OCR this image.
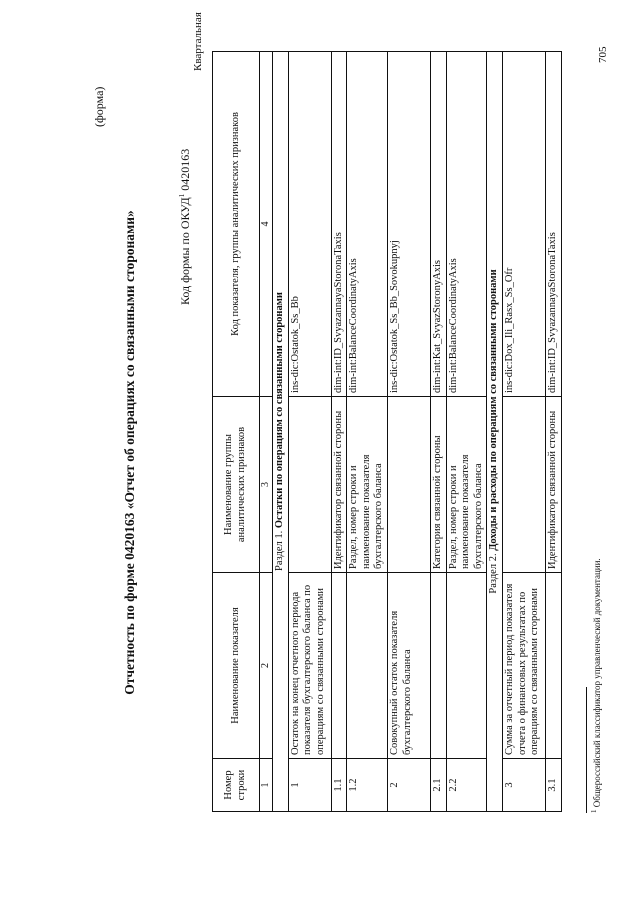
(форма)
Отчетность по форме 0420163 «Отчет об операциях со связанными сторонами»	Код формы по ОКУД$^1$ 0420163
Квартальная
Номер строки	Наименование показателя	Наименование группы аналитических признаков	Код показателя, группы аналитических признаков
1	2	3	4
Раздел 1. Остатки по операциям со связанными сторонами			
1	Остаток на конец отчетного периода показателя бухгалтерского баланса по операциям со связанными сторонами		ins-dic:Ostatok_Ss_Bb
1.1		Идентификатор связанной стороны	dim-int:ID_SvyazannayaStoronaTaxis
1.2		Раздел, номер строки и наименование показателя бухгалтерского баланса	dim-int:BalanceCoordinatyAxis
2	Совокупный остаток показателя бухгалтерского баланса		ins-dic:Ostatok_Ss_Bb_Sovokupnyj
2.1		Категория связанной стороны	dim-int:Kat_SvyazStoronyAxis
2.2		Раздел, номер строки и наименование показателя бухгалтерского баланса	dim-int:BalanceCoordinatyAxis
Раздел 2. Доходы и расходы по операциям со связанными сторонами			
3	Сумма за отчетный период показателя отчета о финансовых результатах по операциям со связанными сторонами		ins-dic:Dox_Ili_Rasx_Ss_Ofr
3.1		Идентификатор связанной стороны	dim-int:ID_SvyazannayaStoronaTaxis
$^1$ Общероссийский классификатор управленческой документации.
705
